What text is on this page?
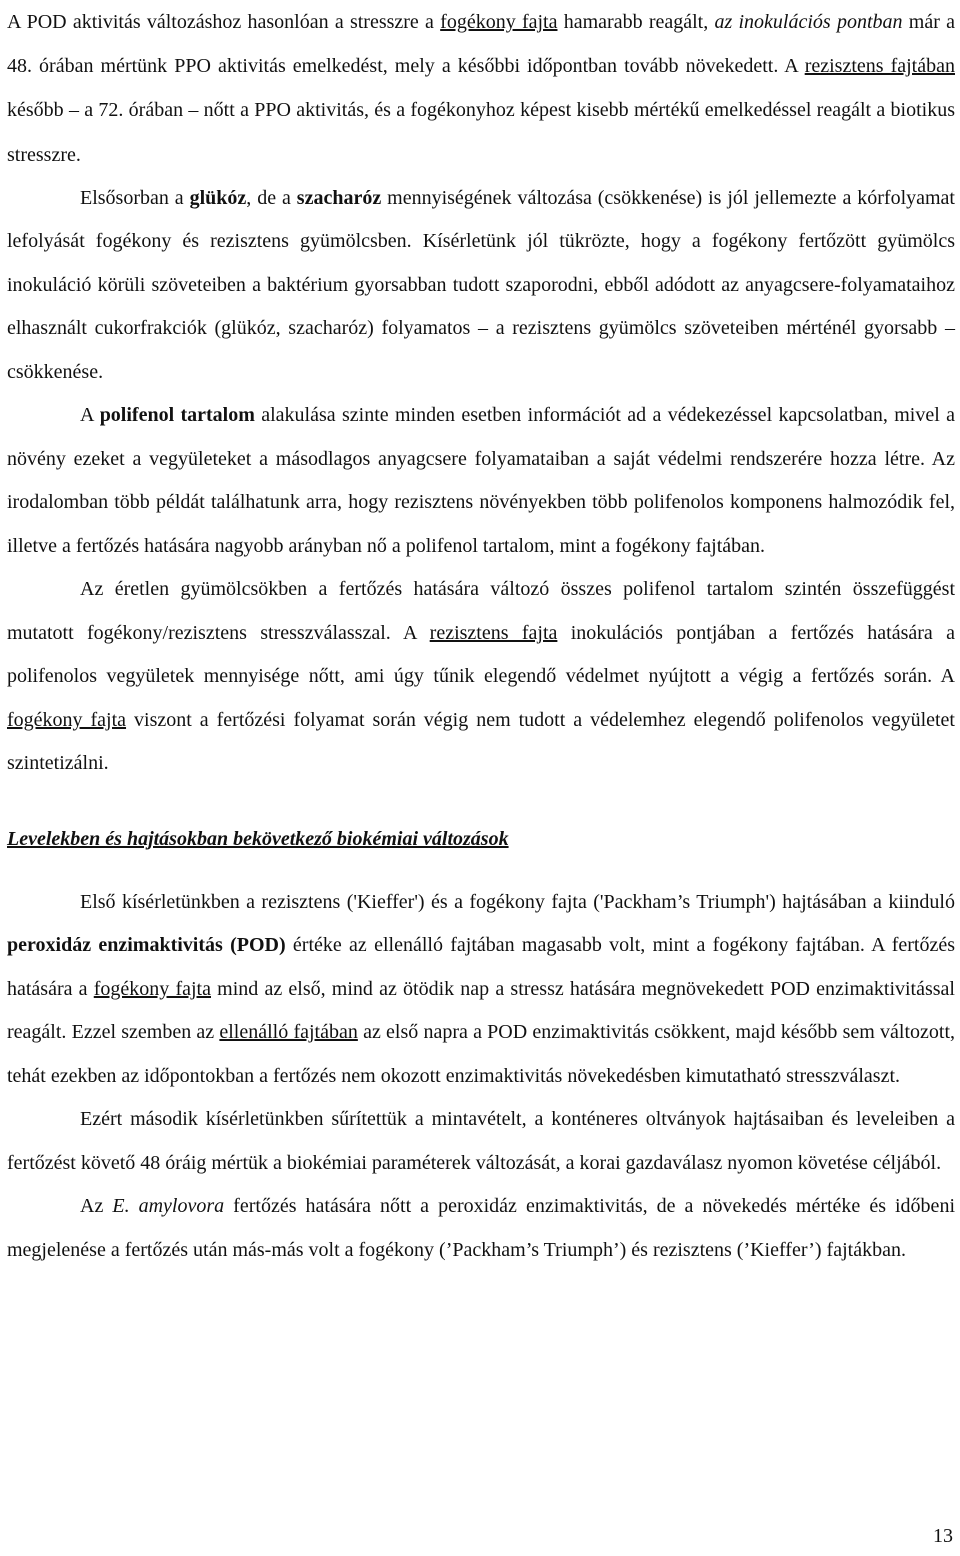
A POD aktivitás változáshoz hasonlóan a stresszre a fogékony fajta hamarabb reagált, az inokulációs pontban már a 48. órában mértünk PPO aktivitás emelkedést, mely a későbbi időpontban tovább növekedett. A rezisztens fajtában később – a 72. órában – nőtt a PPO aktivitás, és a fogékonyhoz képest kisebb mértékű emelkedéssel reagált a biotikus stresszre.

Elsősorban a glükóz, de a szacharóz mennyiségének változása (csökkenése) is jól jellemezte a kórfolyamat lefolyását fogékony és rezisztens gyümölcsben. Kísérletünk jól tükrözte, hogy a fogékony fertőzött gyümölcs inokuláció körüli szöveteiben a baktérium gyorsabban tudott szaporodni, ebből adódott az anyagcsere-folyamataihoz elhasznált cukorfrakciók (glükóz, szacharóz) folyamatos – a rezisztens gyümölcs szöveteiben mérténél gyorsabb – csökkenése.

A polifenol tartalom alakulása szinte minden esetben információt ad a védekezéssel kapcsolatban, mivel a növény ezeket a vegyületeket a másodlagos anyagcsere folyamataiban a saját védelmi rendszerére hozza létre. Az irodalomban több példát találhatunk arra, hogy rezisztens növényekben több polifenolos komponens halmozódik fel, illetve a fertőzés hatására nagyobb arányban nő a polifenol tartalom, mint a fogékony fajtában.

Az éretlen gyümölcsökben a fertőzés hatására változó összes polifenol tartalom szintén összefüggést mutatott fogékony/rezisztens stresszválasszal. A rezisztens fajta inokulációs pontjában a fertőzés hatására a polifenolos vegyületek mennyisége nőtt, ami úgy tűnik elegendő védelmet nyújtott a végig a fertőzés során. A fogékony fajta viszont a fertőzési folyamat során végig nem tudott a védelemhez elegendő polifenolos vegyületet szintetizálni.

Levelekben és hajtásokban bekövetkező biokémiai változások

Első kísérletünkben a rezisztens ('Kieffer') és a fogékony fajta ('Packham’s Triumph') hajtásában a kiinduló peroxidáz enzimaktivitás (POD) értéke az ellenálló fajtában magasabb volt, mint a fogékony fajtában. A fertőzés hatására a fogékony fajta mind az első, mind az ötödik nap a stressz hatására megnövekedett POD enzimaktivitással reagált. Ezzel szemben az ellenálló fajtában az első napra a POD enzimaktivitás csökkent, majd később sem változott, tehát ezekben az időpontokban a fertőzés nem okozott enzimaktivitás növekedésben kimutatható stresszválaszt.

Ezért második kísérletünkben sűrítettük a mintavételt, a konténeres oltványok hajtásaiban és leveleiben a fertőzést követő 48 óráig mértük a biokémiai paraméterek változását, a korai gazdaválasz nyomon követése céljából.

Az E. amylovora fertőzés hatására nőtt a peroxidáz enzimaktivitás, de a növekedés mértéke és időbeni megjelenése a fertőzés után más-más volt a fogékony (’Packham’s Triumph’) és rezisztens (’Kieffer’) fajtákban.

13
